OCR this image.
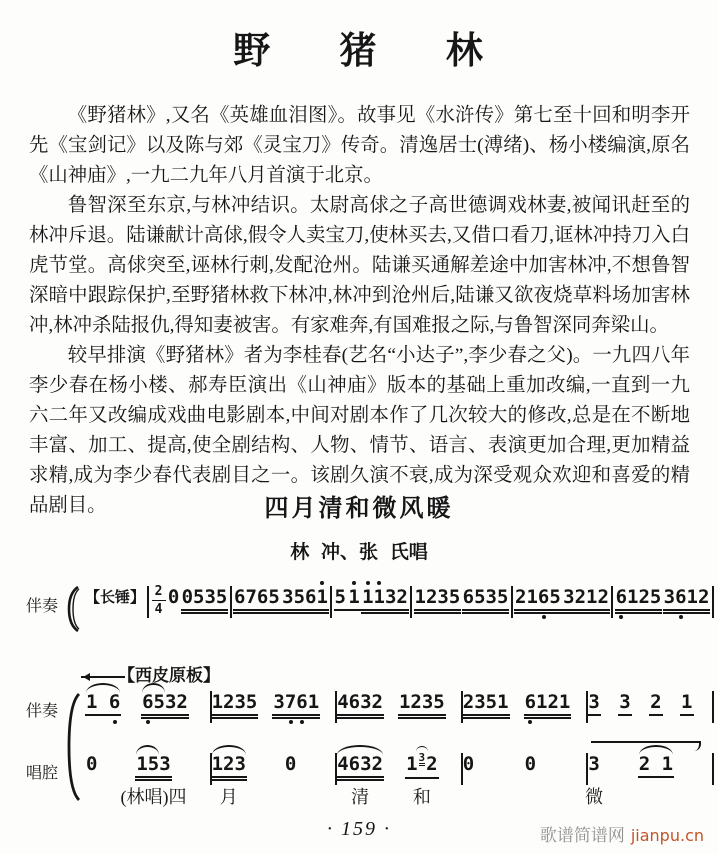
野 猪 林

《野猪林》,又名《英雄血泪图》。故事见《水浒传》第七至十回和明李开先《宝剑记》以及陈与郊《灵宝刀》传奇。清逸居士(溥绪)、杨小楼编演,原名《山神庙》,一九二九年八月首演于北京。

鲁智深至东京,与林冲结识。太尉高俅之子高世德调戏林妻,被闻讯赶至的林冲斥退。陆谦献计高俅,假令人卖宝刀,使林买去,又借口看刀,诓林冲持刀入白虎节堂。高俅突至,诬林行刺,发配沧州。陆谦买通解差途中加害林冲,不想鲁智深暗中跟踪保护,至野猪林救下林冲,林冲到沧州后,陆谦又欲夜烧草料场加害林冲,林冲杀陆报仇,得知妻被害。有家难奔,有国难报之际,与鲁智深同奔梁山。

较早排演《野猪林》者为李桂春(艺名“小达子”,李少春之父)。一九四八年李少春在杨小楼、郝寿臣演出《山神庙》版本的基础上重加改编,一直到一九六二年又改编成戏曲电影剧本,中间对剧本作了几次较大的修改,总是在不断地丰富、加工、提高,使全剧结构、人物、情节、语言、表演更加合理,更加精益求精,成为李少春代表剧目之一。该剧久演不衰,成为深受观众欢迎和喜爱的精品剧目。	四月清和微风暖
林 冲、张 氏唱
伴奏	【长锤】 2
4
0 0535 6765 3561 5 1 1132 1235 6535 2165 3212 6125 3612
【西皮原板】
伴奏
唱腔
1 6 6532
0 153
(林唱)四
1235 3761
123
月
0
4632 1235
4632
清
132
和
2351 6121
0	0
3 3 2 1
3
微
2 1
· 159 ·	歌谱简谱网 jianpu.cn
